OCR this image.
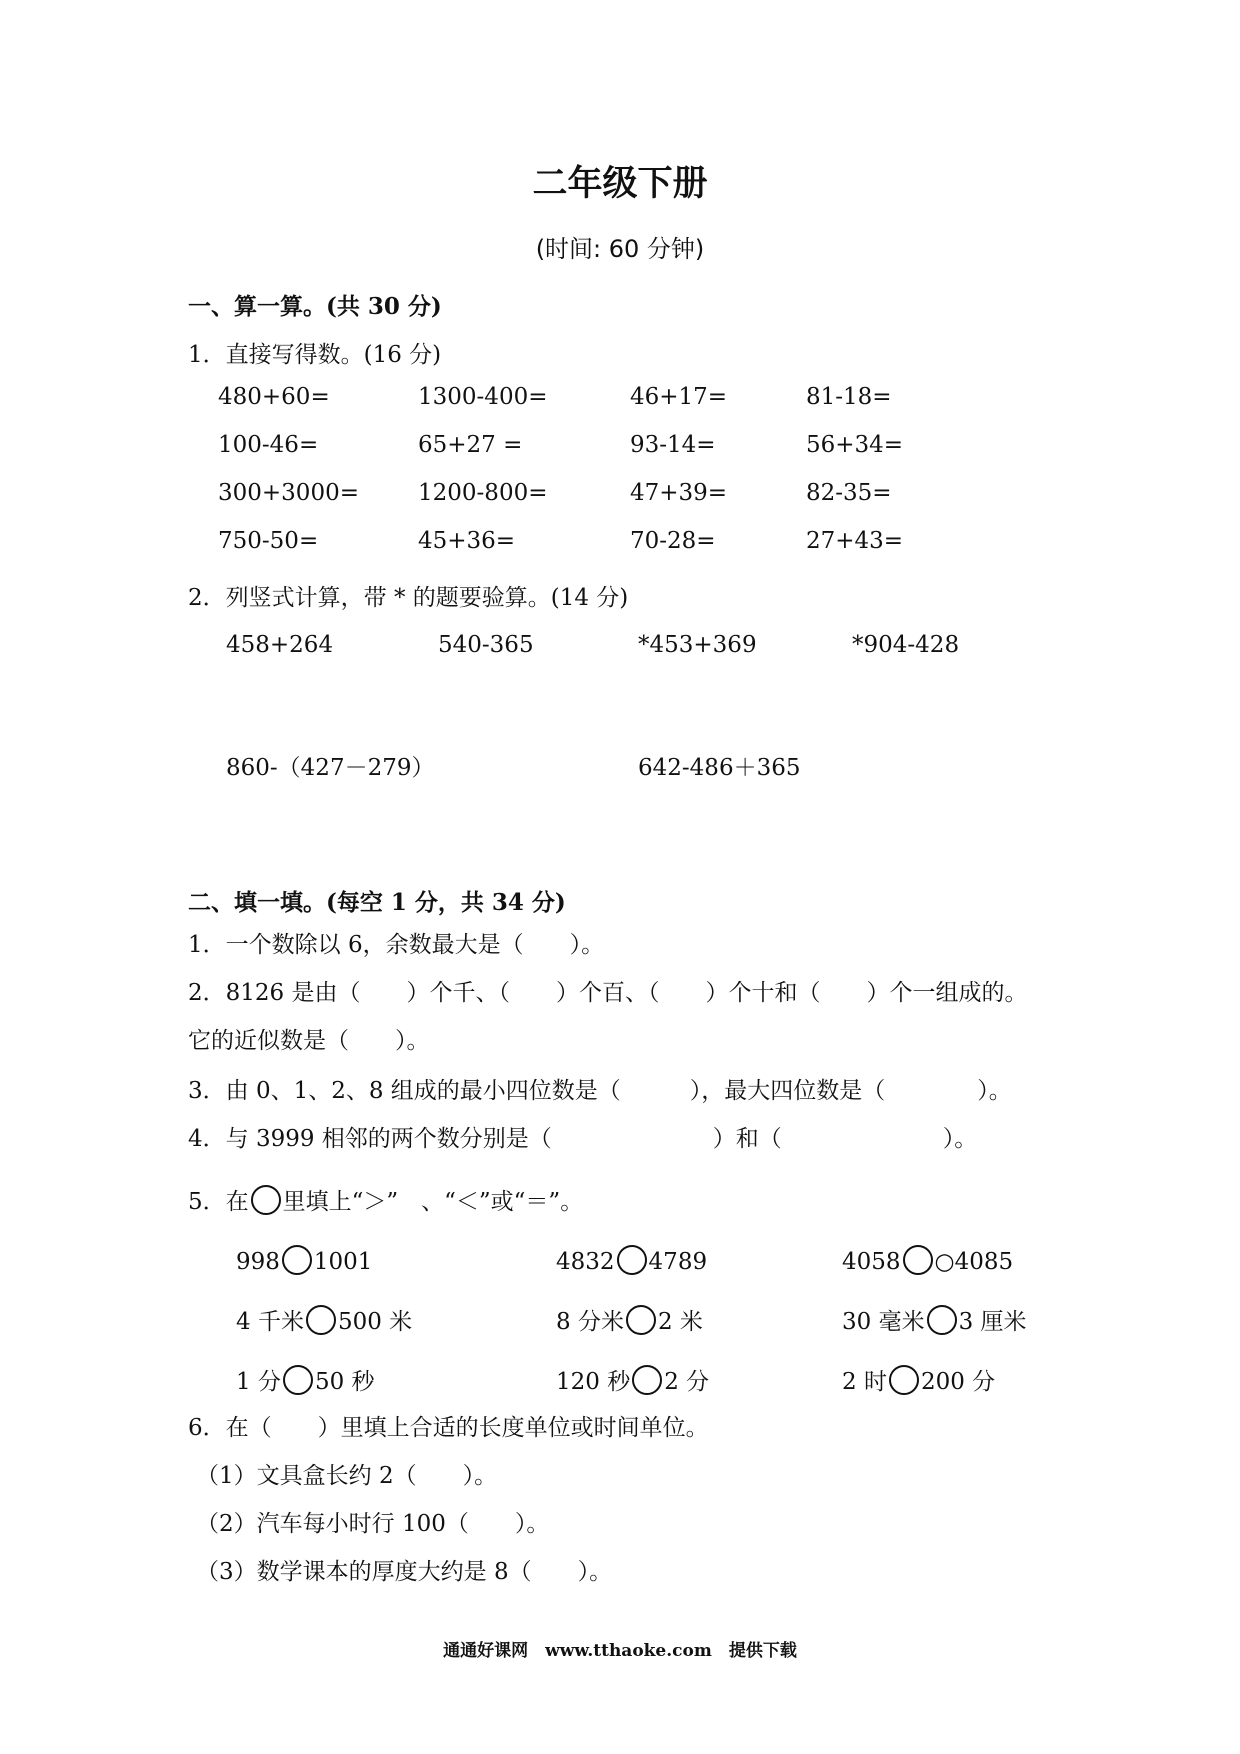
二年级下册
(时间: 60 分钟)
一、算一算。(共 30 分)
1．直接写得数。(16 分)
480+60=	1300-400=	46+17=	81-18=
100-46=	65+27 =	93-14=	56+34=
300+3000=	1200-800=	47+39=	82-35=
750-50=	45+36=	70-28=	27+43=
2．列竖式计算，带 * 的题要验算。(14 分)
458+264	540-365	*453+369	*904-428
860-（427－279）	642-486＋365
二、填一填。(每空 1 分，共 34 分)
1．一个数除以 6，余数最大是（　　）。
2．8126 是由（　　）个千、（　　）个百、（　　）个十和（　　）个一组成的。
它的近似数是（　　）。
3．由 0、1、2、8 组成的最小四位数是（　　　），最大四位数是（　　　　）。
4．与 3999 相邻的两个数分别是（　　　　　　　）和（　　　　　　　）。
5．在 里填上“＞”　、“＜”或“＝”。
998 1001	4832 4789	4058 ○4085
4 千米 500 米	8 分米 2 米	30 毫米 3 厘米
1 分 50 秒	120 秒 2 分	2 时 200 分
6．在（　　）里填上合适的长度单位或时间单位。
（1）文具盒长约 2（　　）。
（2）汽车每小时行 100（　　）。
（3）数学课本的厚度大约是 8（　　）。
通通好课网　www.tthaoke.com　提供下载
